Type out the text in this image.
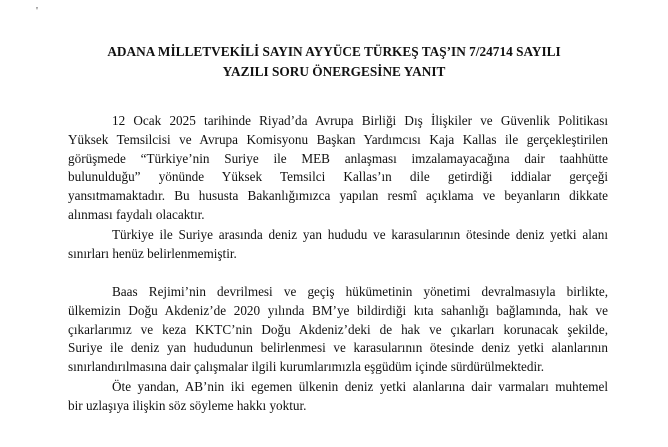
'
ADANA MİLLETVEKİLİ SAYIN AYYÜCE TÜRKEŞ TAŞ’IN 7/24714 SAYILI
YAZILI SORU ÖNERGESİNE YANIT
12 Ocak 2025 tarihinde Riyad’da Avrupa Birliği Dış İlişkiler ve Güvenlik Politikası
Yüksek Temsilcisi ve Avrupa Komisyonu Başkan Yardımcısı Kaja Kallas ile gerçekleştirilen
görüşmede “Türkiye’nin Suriye ile MEB anlaşması imzalamayacağına dair taahhütte
bulunulduğu” yönünde Yüksek Temsilci Kallas’ın dile getirdiği iddialar gerçeği
yansıtmamaktadır. Bu hususta Bakanlığımızca yapılan resmî açıklama ve beyanların dikkate
alınması faydalı olacaktır.
Türkiye ile Suriye arasında deniz yan hududu ve karasularının ötesinde deniz yetki alanı
sınırları henüz belirlenmemiştir.
Baas Rejimi’nin devrilmesi ve geçiş hükümetinin yönetimi devralmasıyla birlikte,
ülkemizin Doğu Akdeniz’de 2020 yılında BM’ye bildirdiği kıta sahanlığı bağlamında, hak ve
çıkarlarımız ve keza KKTC’nin Doğu Akdeniz’deki de hak ve çıkarları korunacak şekilde,
Suriye ile deniz yan hududunun belirlenmesi ve karasularının ötesinde deniz yetki alanlarının
sınırlandırılmasına dair çalışmalar ilgili kurumlarımızla eşgüdüm içinde sürdürülmektedir.
Öte yandan, AB’nin iki egemen ülkenin deniz yetki alanlarına dair varmaları muhtemel
bir uzlaşıya ilişkin söz söyleme hakkı yoktur.
